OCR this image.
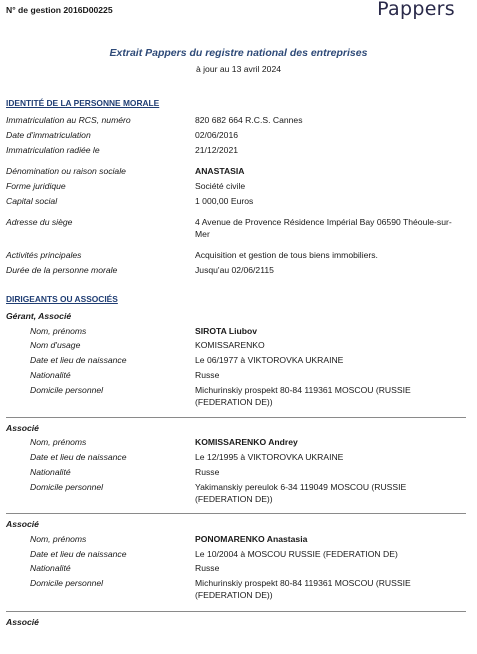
N° de gestion 2016D00225	Pappers
Extrait Pappers du registre national des entreprises
à jour au 13 avril 2024
IDENTITÉ DE LA PERSONNE MORALE
Immatriculation au RCS, numéro	820 682 664 R.C.S. Cannes
Date d'immatriculation	02/06/2016
Immatriculation radiée le	21/12/2021
Dénomination ou raison sociale	ANASTASIA
Forme juridique	Société civile
Capital social	1 000,00 Euros
Adresse du siège	4 Avenue de Provence Résidence Impérial Bay 06590 Théoule-sur-Mer
Activités principales	Acquisition et gestion de tous biens immobiliers.
Durée de la personne morale	Jusqu'au 02/06/2115
DIRIGEANTS OU ASSOCIÉS
Gérant, Associé
Nom, prénoms	SIROTA Liubov
Nom d'usage	KOMISSARENKO
Date et lieu de naissance	Le 06/1977 à VIKTOROVKA UKRAINE
Nationalité	Russe
Domicile personnel	Michurinskiy prospekt 80-84 119361 MOSCOU (RUSSIE (FEDERATION DE))
Associé
Nom, prénoms	KOMISSARENKO Andrey
Date et lieu de naissance	Le 12/1995 à VIKTOROVKA UKRAINE
Nationalité	Russe
Domicile personnel	Yakimanskiy pereulok 6-34 119049 MOSCOU (RUSSIE (FEDERATION DE))
Associé
Nom, prénoms	PONOMARENKO Anastasia
Date et lieu de naissance	Le 10/2004 à MOSCOU RUSSIE (FEDERATION DE)
Nationalité	Russe
Domicile personnel	Michurinskiy prospekt 80-84 119361 MOSCOU (RUSSIE (FEDERATION DE))
Associé
